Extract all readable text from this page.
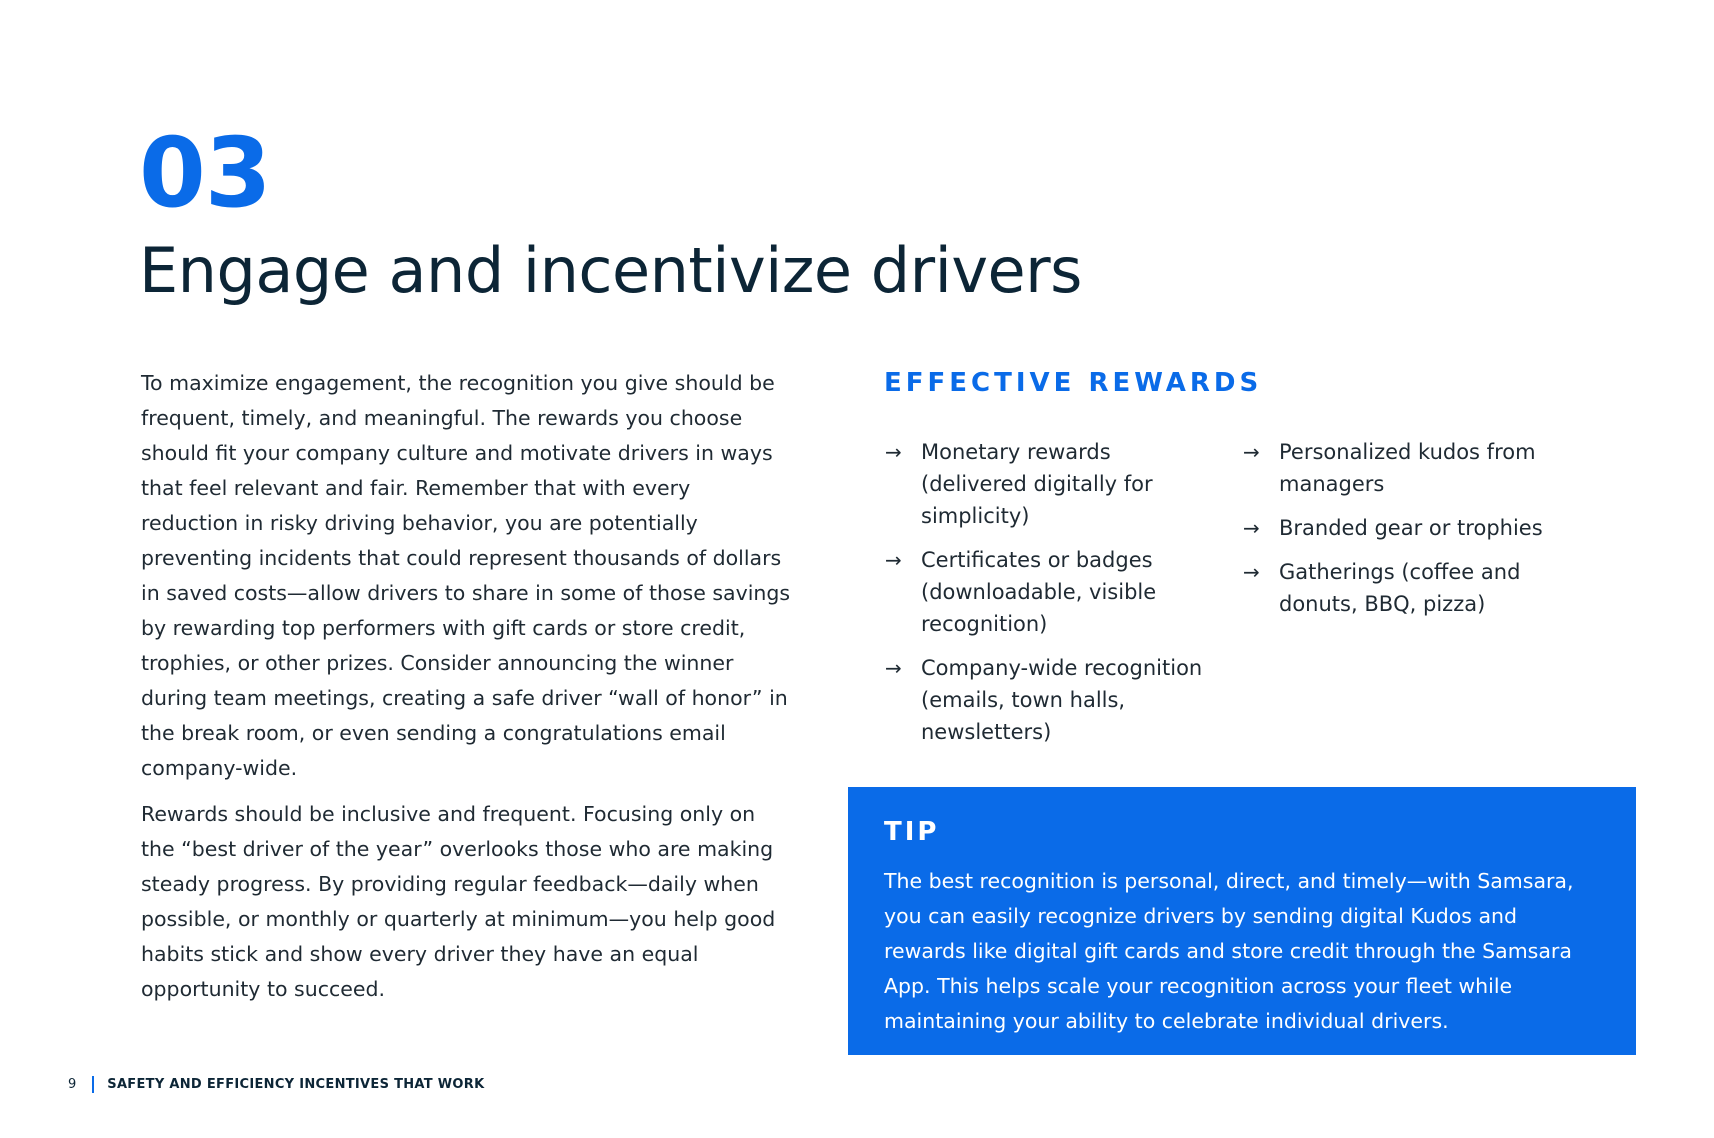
03
Engage and incentivize drivers

To maximize engagement, the recognition you give should be frequent, timely, and meaningful. The rewards you choose should fit your company culture and motivate drivers in ways that feel relevant and fair. Remember that with every reduction in risky driving behavior, you are potentially preventing incidents that could represent thousands of dollars in saved costs—allow drivers to share in some of those savings by rewarding top performers with gift cards or store credit, trophies, or other prizes. Consider announcing the winner during team meetings, creating a safe driver “wall of honor” in the break room, or even sending a congratulations email company-wide.

Rewards should be inclusive and frequent. Focusing only on the “best driver of the year” overlooks those who are making steady progress. By providing regular feedback—daily when possible, or monthly or quarterly at minimum—you help good habits stick and show every driver they have an equal opportunity to succeed.

EFFECTIVE REWARDS
→ Monetary rewards (delivered digitally for simplicity)
→ Certificates or badges (downloadable, visible recognition)
→ Company-wide recognition (emails, town halls, newsletters)
→ Personalized kudos from managers
→ Branded gear or trophies
→ Gatherings (coffee and donuts, BBQ, pizza)
TIP

The best recognition is personal, direct, and timely—with Samsara, you can easily recognize drivers by sending digital Kudos and rewards like digital gift cards and store credit through the Samsara App. This helps scale your recognition across your fleet while maintaining your ability to celebrate individual drivers.

9 SAFETY AND EFFICIENCY INCENTIVES THAT WORK
